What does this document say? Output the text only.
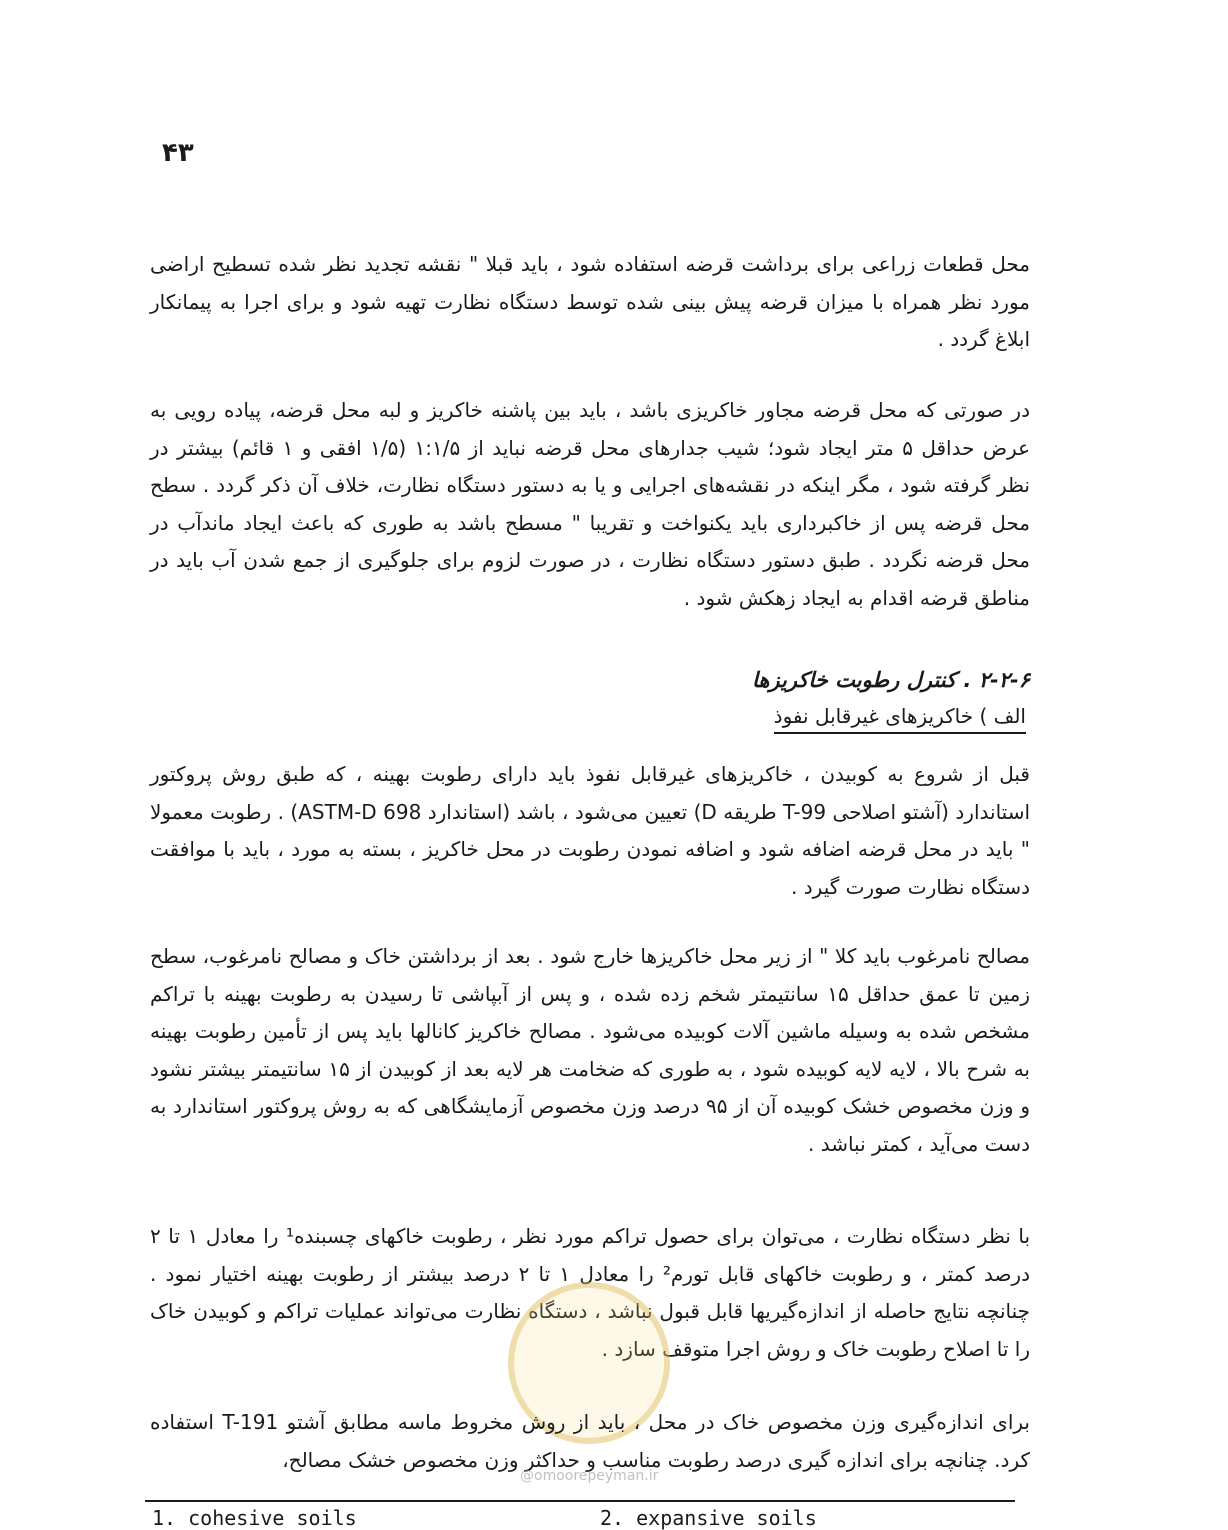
۴۳

محل قطعات زراعی برای برداشت قرضه استفاده شود ، باید قبلا " نقشه تجدید نظر شده تسطیح اراضی مورد نظر همراه با میزان قرضه پیش بینی شده توسط دستگاه نظارت تهیه شود و برای اجرا به پیمانکار ابلاغ گردد .

در صورتی که محل قرضه مجاور خاکریزی باشد ، باید بین پاشنه خاکریز و لبه محل قرضه، پیاده رویی به عرض حداقل ۵ متر ایجاد شود؛ شیب جدارهای محل قرضه نباید از ۱:۱/۵ (۱/۵ افقی و ۱ قائم) بیشتر در نظر گرفته شود ، مگر اینکه در نقشه‌های اجرایی و یا به دستور دستگاه نظارت، خلاف آن ذکر گردد . سطح محل قرضه پس از خاکبرداری باید یکنواخت و تقریبا " مسطح باشد به طوری که باعث ایجاد ماندآب در محل قرضه نگردد . طبق دستور دستگاه نظارت ، در صورت لزوم برای جلوگیری از جمع شدن آب باید در مناطق قرضه اقدام به ایجاد زهکش شود .

۲-۲-۶ . کنترل رطوبت خاکریزها
الف ) خاکریزهای غیرقابل نفوذ

قبل از شروع به کوبیدن ، خاکریزهای غیرقابل نفوذ باید دارای رطوبت بهینه ، که طبق روش پروکتور استاندارد (آشتو اصلاحی T-99 طریقه D) تعیین می‌شود ، باشد (استاندارد ASTM-D 698) . رطوبت معمولا " باید در محل قرضه اضافه شود و اضافه نمودن رطوبت در محل خاکریز ، بسته به مورد ، باید با موافقت دستگاه نظارت صورت گیرد .

مصالح نامرغوب باید کلا " از زیر محل خاکریزها خارج شود . بعد از برداشتن خاک و مصالح نامرغوب، سطح زمین تا عمق حداقل ۱۵ سانتیمتر شخم زده شده ، و پس از آبپاشی تا رسیدن به رطوبت بهینه با تراکم مشخص شده به وسیله ماشین آلات کوبیده می‌شود . مصالح خاکریز کانالها باید پس از تأمین رطوبت بهینه به شرح بالا ، لایه لایه کوبیده شود ، به طوری که ضخامت هر لایه بعد از کوبیدن از ۱۵ سانتیمتر بیشتر نشود و وزن مخصوص خشک کوبیده آن از ۹۵ درصد وزن مخصوص آزمایشگاهی که به روش پروکتور استاندارد به دست می‌آید ، کمتر نباشد .

با نظر دستگاه نظارت ، می‌توان برای حصول تراکم مورد نظر ، رطوبت خاکهای چسبنده¹ را معادل ۱ تا ۲ درصد کمتر ، و رطوبت خاکهای قابل تورم² را معادل ۱ تا ۲ درصد بیشتر از رطوبت بهینه اختیار نمود . چنانچه نتایج حاصله از اندازه‌گیریها قابل قبول نباشد ، دستگاه نظارت می‌تواند عملیات تراکم و کوبیدن خاک را تا اصلاح رطوبت خاک و روش اجرا متوقف سازد .

برای اندازه‌گیری وزن مخصوص خاک در محل ، باید از روش مخروط ماسه مطابق آشتو T-191 استفاده کرد. چنانچه برای اندازه گیری درصد رطوبت مناسب و حداکثر وزن مخصوص خشک مصالح،

@omoorepeyman.ir
1. cohesive soils	2. expansive soils
